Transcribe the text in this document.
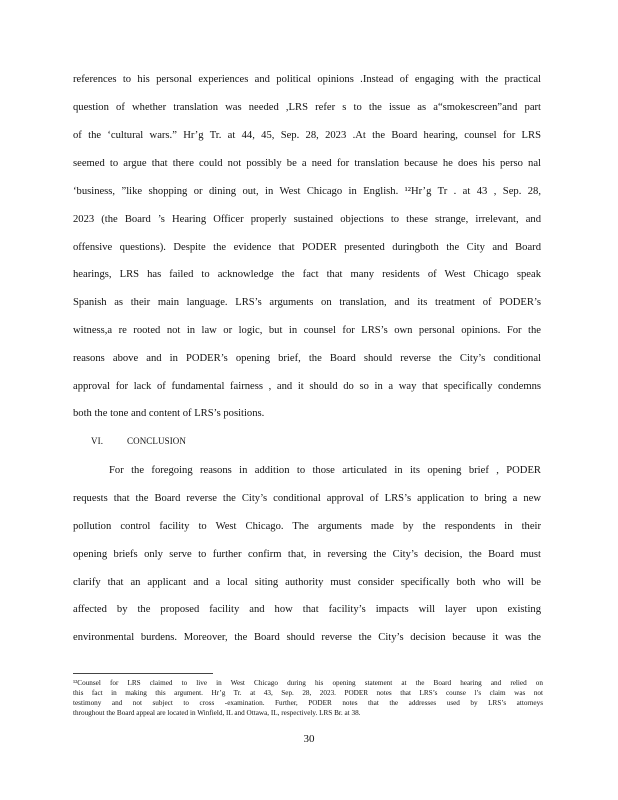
references to his personal experiences and political opinions .Instead of engaging with the practical
question of whether translation was needed ,LRS refer s to the issue as a“smokescreen”and part
of the ‘cultural wars.” Hr’g Tr. at 44, 45, Sep. 28, 2023 .At the Board hearing, counsel for LRS
seemed to argue that there could not possibly be a need for translation because he does his perso nal
‘business, ”like shopping or dining out, in West Chicago in English. ¹²Hr’g Tr . at 43 , Sep. 28,
2023 (the Board ’s Hearing Officer properly sustained objections to these strange, irrelevant, and
offensive questions). Despite the evidence that PODER presented duringboth the City and Board
hearings, LRS has failed to acknowledge the fact that many residents of West Chicago speak
Spanish as their main language. LRS’s arguments on translation, and its treatment of PODER’s
witness,a re rooted not in law or logic, but in counsel for LRS’s own personal opinions. For the
reasons above and in PODER’s opening brief, the Board should reverse the City’s conditional
approval for lack of fundamental fairness , and it should do so in a way that specifically condemns
both the tone and content of LRS’s positions.
VI.	CONCLUSION
For the foregoing reasons in addition to those articulated in its opening brief , PODER
requests that the Board reverse the City’s conditional approval of LRS’s application to bring a new
pollution control facility to West Chicago. The arguments made by the respondents in their
opening briefs only serve to further confirm that, in reversing the City’s decision, the Board must
clarify that an applicant and a local siting authority must consider specifically both who will be
affected by the proposed facility and how that facility’s impacts will layer upon existing
environmental burdens. Moreover, the Board should reverse the City’s decision because it was the
¹²Counsel for LRS claimed to live in West Chicago during his opening statement at the Board hearing and relied on
this fact in making this argument. Hr’g Tr. at 43, Sep. 28, 2023. PODER notes that LRS’s counse l’s claim was not
testimony and not subject to cross -examination. Further, PODER notes that the addresses used by LRS’s attorneys
throughout the Board appeal are located in Winfield, IL and Ottawa, IL, respectively. LRS Br. at 38.
30
